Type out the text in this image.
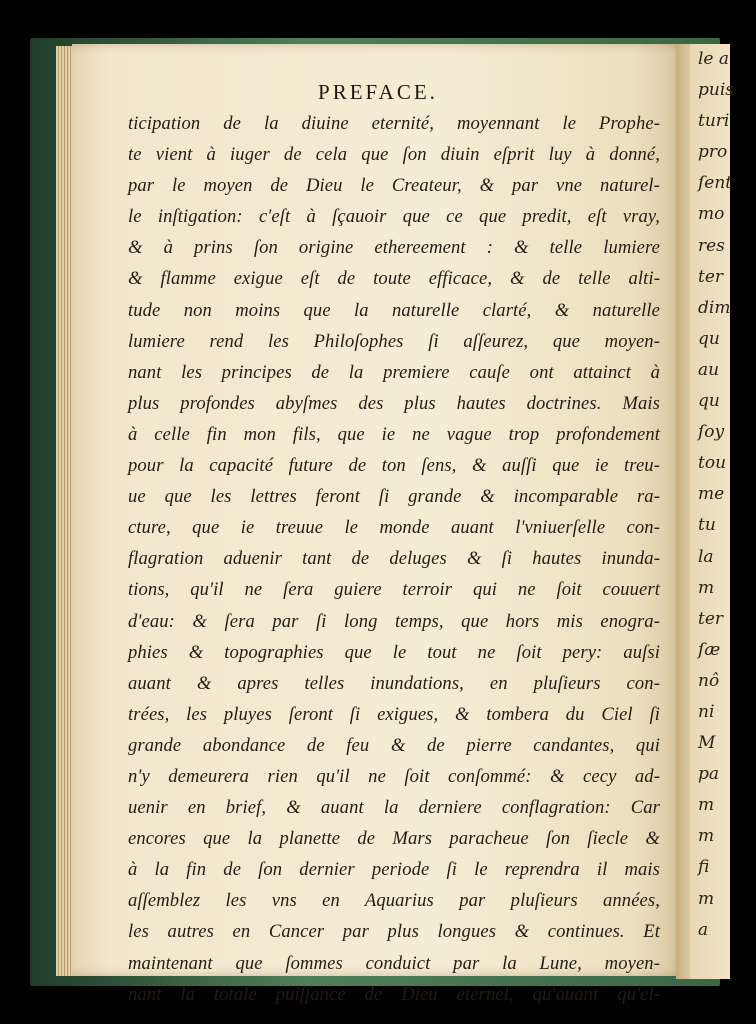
le a
puis
turi
pro
ſent
mo
res
ter
dim
qu
au
qu
ſoy
tou
me
tu
la
m
ter
ſæ
nô
ni
M
pa
m
m
fi
m
a
PREFACE.
ticipation de la diuine eternité, moyennant le Prophe-
te vient à iuger de cela que ſon diuin eſprit luy à donné,
par le moyen de Dieu le Createur, & par vne naturel-
le inſtigation: c'eſt à ſçauoir que ce que predit, eſt vray,
& à prins ſon origine ethereement : & telle lumiere
& flamme exigue eſt de toute efficace, & de telle alti-
tude non moins que la naturelle clarté, & naturelle
lumiere rend les Philoſophes ſi aſſeurez, que moyen-
nant les principes de la premiere cauſe ont attainct à
plus profondes abyſmes des plus hautes doctrines. Mais
à celle fin mon fils, que ie ne vague trop profondement
pour la capacité future de ton ſens, & auſſi que ie treu-
ue que les lettres feront ſi grande & incomparable ra-
cture, que ie treuue le monde auant l'vniuerſelle con-
flagration aduenir tant de deluges & ſi hautes inunda-
tions, qu'il ne ſera guiere terroir qui ne ſoit couuert
d'eau: & ſera par ſi long temps, que hors mis enogra-
phies & topographies que le tout ne ſoit pery: auſsi
auant & apres telles inundations, en pluſieurs con-
trées, les pluyes ſeront ſi exigues, & tombera du Ciel ſi
grande abondance de feu & de pierre candantes, qui
n'y demeurera rien qu'il ne ſoit conſommé: & cecy ad-
uenir en brief, & auant la derniere conflagration: Car
encores que la planette de Mars paracheue ſon ſiecle &
à la fin de ſon dernier periode ſi le reprendra il mais
aſſemblez les vns en Aquarius par pluſieurs années,
les autres en Cancer par plus longues & continues. Et
maintenant que ſommes conduict par la Lune, moyen-
nant la totale puiſſance de Dieu eternel, qu'auant qu'el-
